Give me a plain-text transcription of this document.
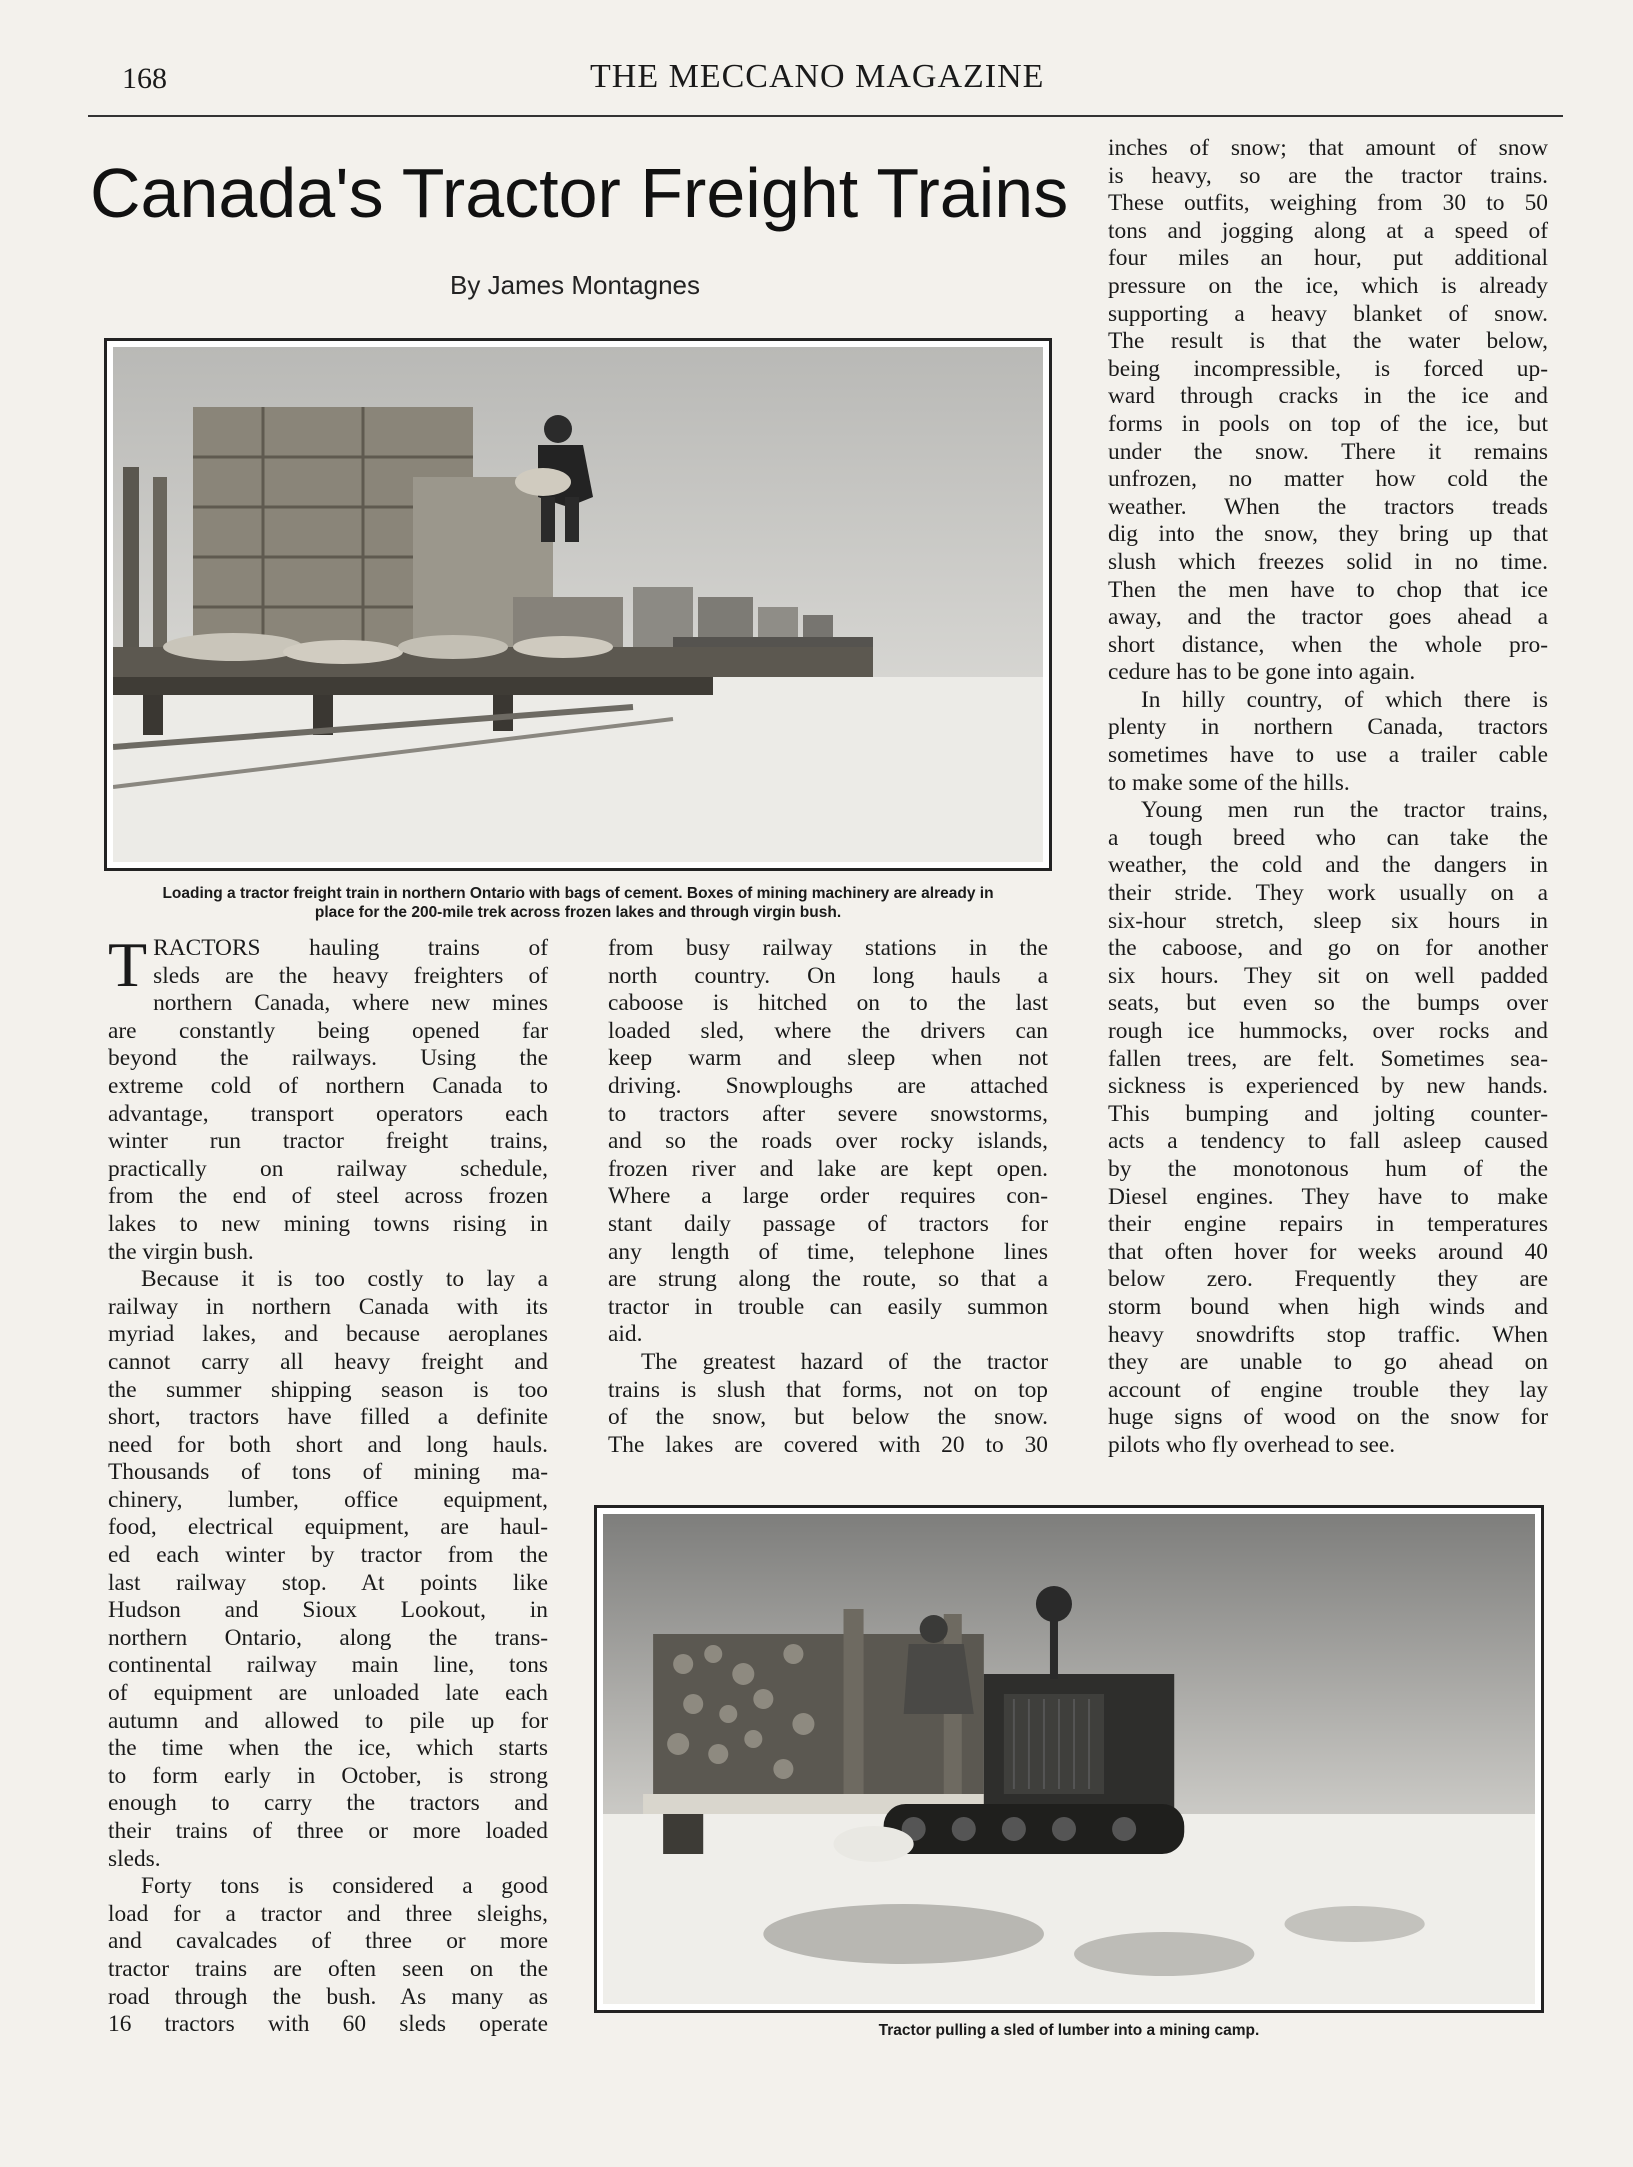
168	THE MECCANO MAGAZINE
Canada's Tractor Freight Trains
By James Montagnes
Loading a tractor freight train in northern Ontario with bags of cement. Boxes of mining machinery are already in
place for the 200-mile trek across frozen lakes and through virgin bush.
T RACTORS hauling trains of
sleds are the heavy freighters of
northern Canada, where new mines
are constantly being opened far
beyond the railways. Using the
extreme cold of northern Canada to
advantage, transport operators each
winter run tractor freight trains,
practically on railway schedule,
from the end of steel across frozen
lakes to new mining towns rising in
the virgin bush.
Because it is too costly to lay a
railway in northern Canada with its
myriad lakes, and because aeroplanes
cannot carry all heavy freight and
the summer shipping season is too
short, tractors have filled a definite
need for both short and long hauls.
Thousands of tons of mining ma-
chinery, lumber, office equipment,
food, electrical equipment, are haul-
ed each winter by tractor from the
last railway stop. At points like
Hudson and Sioux Lookout, in
northern Ontario, along the trans-
continental railway main line, tons
of equipment are unloaded late each
autumn and allowed to pile up for
the time when the ice, which starts
to form early in October, is strong
enough to carry the tractors and
their trains of three or more loaded
sleds.
Forty tons is considered a good
load for a tractor and three sleighs,
and cavalcades of three or more
tractor trains are often seen on the
road through the bush. As many as
16 tractors with 60 sleds operate
from busy railway stations in the
north country. On long hauls a
caboose is hitched on to the last
loaded sled, where the drivers can
keep warm and sleep when not
driving. Snowploughs are attached
to tractors after severe snowstorms,
and so the roads over rocky islands,
frozen river and lake are kept open.
Where a large order requires con-
stant daily passage of tractors for
any length of time, telephone lines
are strung along the route, so that a
tractor in trouble can easily summon
aid.
The greatest hazard of the tractor
trains is slush that forms, not on top
of the snow, but below the snow.
The lakes are covered with 20 to 30
inches of snow; that amount of snow
is heavy, so are the tractor trains.
These outfits, weighing from 30 to 50
tons and jogging along at a speed of
four miles an hour, put additional
pressure on the ice, which is already
supporting a heavy blanket of snow.
The result is that the water below,
being incompressible, is forced up-
ward through cracks in the ice and
forms in pools on top of the ice, but
under the snow. There it remains
unfrozen, no matter how cold the
weather. When the tractors treads
dig into the snow, they bring up that
slush which freezes solid in no time.
Then the men have to chop that ice
away, and the tractor goes ahead a
short distance, when the whole pro-
cedure has to be gone into again.
In hilly country, of which there is
plenty in northern Canada, tractors
sometimes have to use a trailer cable
to make some of the hills.
Young men run the tractor trains,
a tough breed who can take the
weather, the cold and the dangers in
their stride. They work usually on a
six-hour stretch, sleep six hours in
the caboose, and go on for another
six hours. They sit on well padded
seats, but even so the bumps over
rough ice hummocks, over rocks and
fallen trees, are felt. Sometimes sea-
sickness is experienced by new hands.
This bumping and jolting counter-
acts a tendency to fall asleep caused
by the monotonous hum of the
Diesel engines. They have to make
their engine repairs in temperatures
that often hover for weeks around 40
below zero. Frequently they are
storm bound when high winds and
heavy snowdrifts stop traffic. When
they are unable to go ahead on
account of engine trouble they lay
huge signs of wood on the snow for
pilots who fly overhead to see.
Tractor pulling a sled of lumber into a mining camp.
